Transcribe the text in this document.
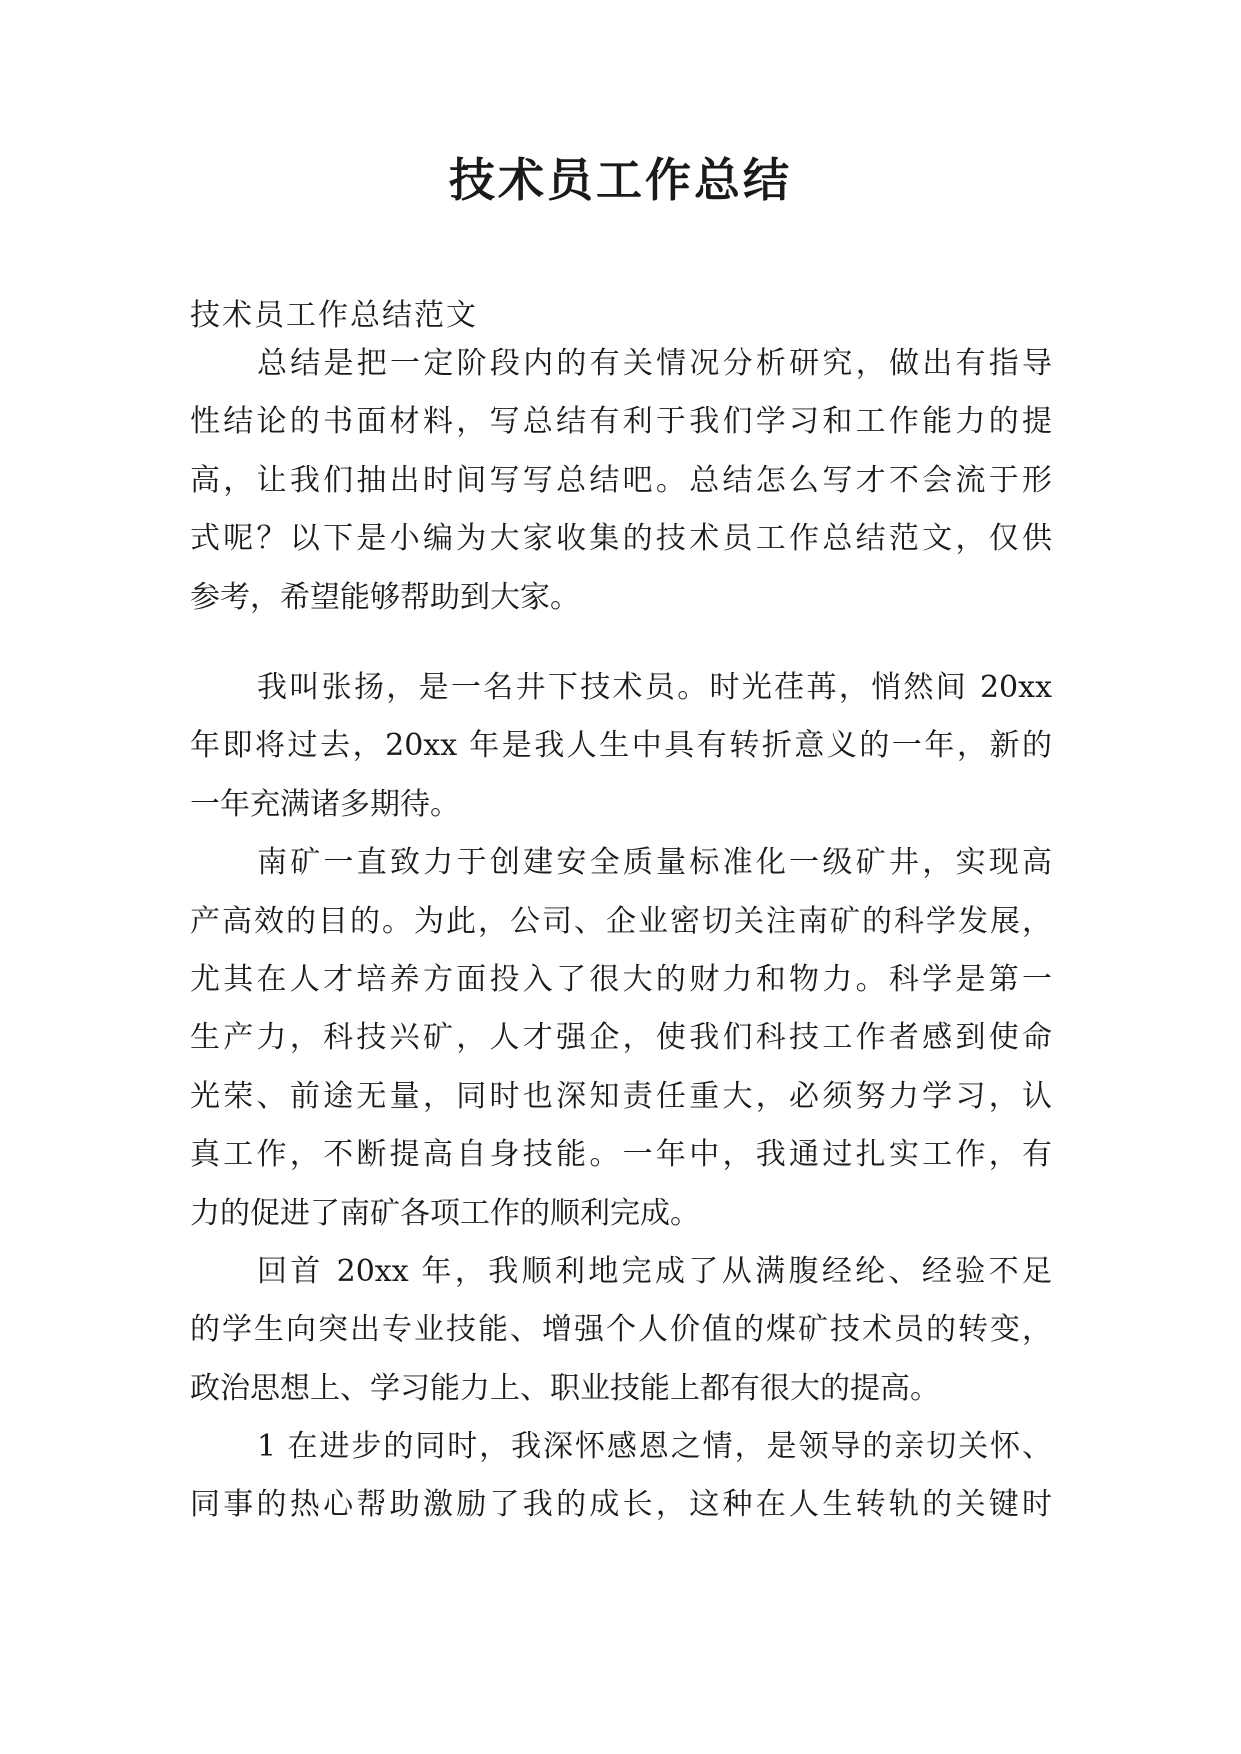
技术员工作总结
技术员工作总结范文
总结是把一定阶段内的有关情况分析研究，做出有指导
性结论的书面材料，写总结有利于我们学习和工作能力的提
高，让我们抽出时间写写总结吧。总结怎么写才不会流于形
式呢？以下是小编为大家收集的技术员工作总结范文，仅供
参考，希望能够帮助到大家。
我叫张扬，是一名井下技术员。时光荏苒，悄然间 20xx
年即将过去，20xx 年是我人生中具有转折意义的一年，新的
一年充满诸多期待。
南矿一直致力于创建安全质量标准化一级矿井，实现高
产高效的目的。为此，公司、企业密切关注南矿的科学发展，
尤其在人才培养方面投入了很大的财力和物力。科学是第一
生产力，科技兴矿，人才强企，使我们科技工作者感到使命
光荣、前途无量，同时也深知责任重大，必须努力学习，认
真工作，不断提高自身技能。一年中，我通过扎实工作，有
力的促进了南矿各项工作的顺利完成。
回首 20xx 年，我顺利地完成了从满腹经纶、经验不足
的学生向突出专业技能、增强个人价值的煤矿技术员的转变，
政治思想上、学习能力上、职业技能上都有很大的提高。
1 在进步的同时，我深怀感恩之情，是领导的亲切关怀、
同事的热心帮助激励了我的成长，这种在人生转轨的关键时
